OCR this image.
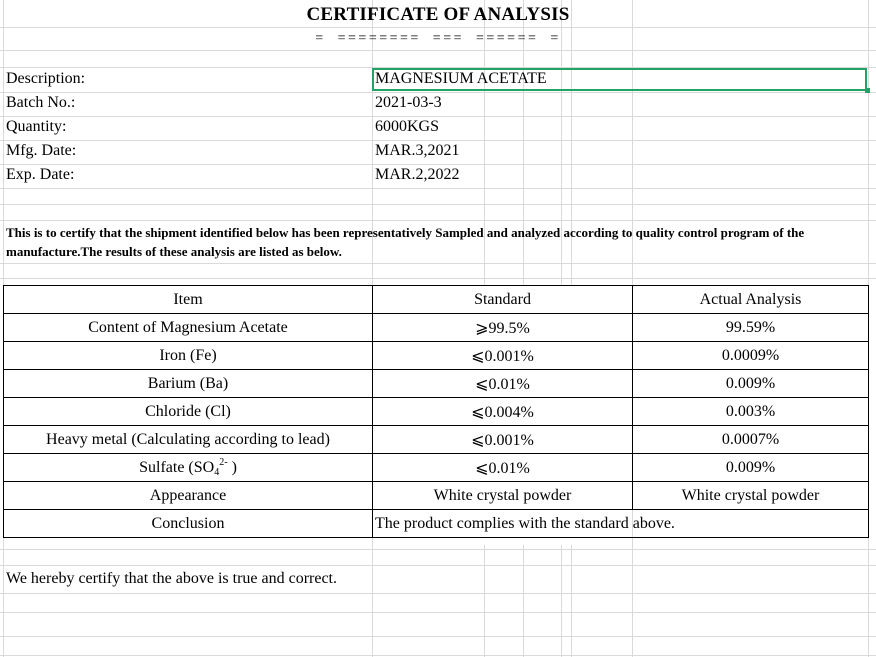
CERTIFICATE OF ANALYSIS
= ======== === ====== =
Description:	MAGNESIUM ACETATE
Batch No.:	2021-03-3
Quantity:	6000KGS
Mfg. Date:	MAR.3,2021
Exp. Date:	MAR.2,2022
This is to certify that the shipment identified below has been representatively Sampled and analyzed according to quality control program of the manufacture.The results of these analysis are listed as below.
Item	Standard	Actual Analysis
Content of Magnesium Acetate	⩾99.5%	99.59%
Iron (Fe)	⩽0.001%	0.0009%
Barium (Ba)	⩽0.01%	0.009%
Chloride (Cl)	⩽0.004%	0.003%
Heavy metal (Calculating according to lead)	⩽0.001%	0.0007%
Sulfate ($SO_4^{2-}$ )	⩽0.01%	0.009%
Appearance	White crystal powder	White crystal powder
Conclusion	The product complies with the standard above.	
We hereby certify that the above is true and correct.
